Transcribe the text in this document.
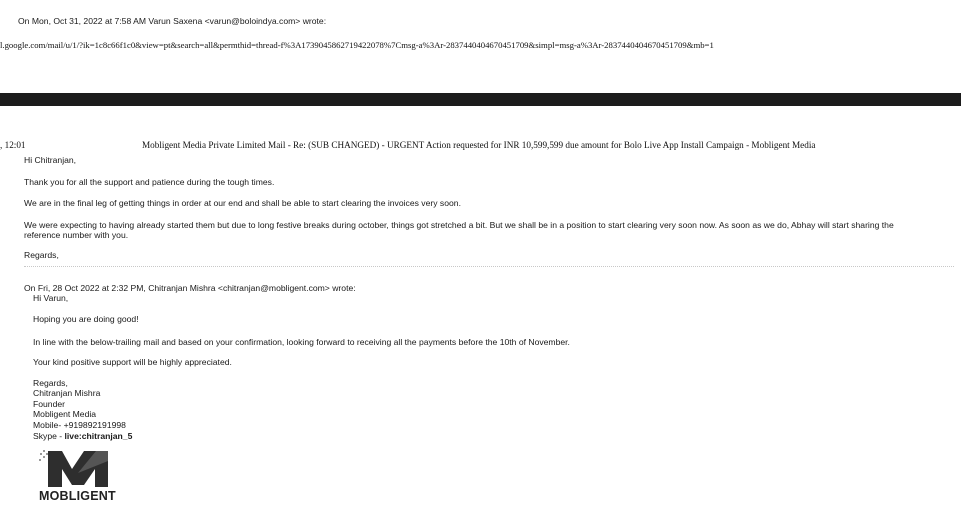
On Mon, Oct 31, 2022 at 7:58 AM Varun Saxena <varun@boloindya.com> wrote:
l.google.com/mail/u/1/?ik=1c8c66f1c0&view=pt&search=all&permthid=thread-f%3A1739045862719422078%7Cmsg-a%3Ar-2837440404670451709&simpl=msg-a%3Ar-2837440404670451709&mb=1
, 12:01	Mobligent Media Private Limited Mail - Re: (SUB CHANGED) - URGENT Action requested for INR 10,599,599 due amount for Bolo Live App Install Campaign - Mobligent Media
Hi Chitranjan,
Thank you for all the support and patience during the tough times.
We are in the final leg of getting things in order at our end and shall be able to start clearing the invoices very soon.
We were expecting to having already started them but due to long festive breaks during october, things got stretched a bit. But we shall be in a position to start clearing very soon now. As soon as we do, Abhay will start sharing the
reference number with you.
Regards,
On Fri, 28 Oct 2022 at 2:32 PM, Chitranjan Mishra <chitranjan@mobligent.com> wrote:
Hi Varun,
Hoping you are doing good!
In line with the below-trailing mail and based on your confirmation, looking forward to receiving all the payments before the 10th of November.
Your kind positive support will be highly appreciated.
Regards,
Chitranjan Mishra
Founder
Mobligent Media
Mobile- +919892191998
Skype - live:chitranjan_5
MOBLIGENT
